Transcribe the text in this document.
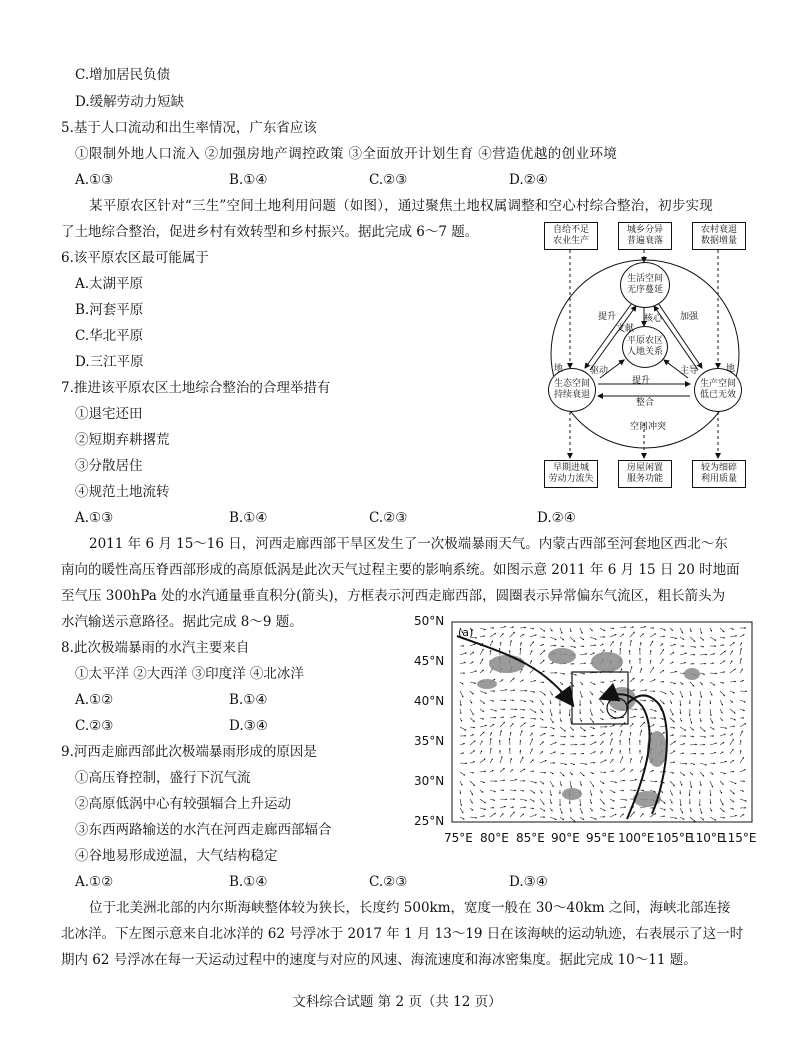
C.增加居民负债
D.缓解劳动力短缺
5.基于人口流动和出生率情况，广东省应该
①限制外地人口流入 ②加强房地产调控政策 ③全面放开计划生育 ④营造优越的创业环境
A.①③	B.①④	C.②③	D.②④
某平原农区针对“三生”空间土地利用问题（如图），通过聚焦土地权属调整和空心村综合整治，初步实现
了土地综合整治，促进乡村有效转型和乡村振兴。据此完成 6～7 题。
6.该平原农区最可能属于
A.太湖平原
B.河套平原
C.华北平原
D.三江平原
7.推进该平原农区土地综合整治的合理举措有
①退宅还田
②短期弃耕撂荒
③分散居住
④规范土地流转
A.①③	B.①④	C.②③	D.②④
2011 年 6 月 15～16 日，河西走廊西部干旱区发生了一次极端暴雨天气。内蒙古西部至河套地区西北～东
南向的暖性高压脊西部形成的高原低涡是此次天气过程主要的影响系统。如图示意 2011 年 6 月 15 日 20 时地面
至气压 300hPa 处的水汽通量垂直积分(箭头)，方框表示河西走廊西部，圆圈表示异常偏东气流区，粗长箭头为
水汽输送示意路径。据此完成 8～9 题。
8.此次极端暴雨的水汽主要来自
①太平洋 ②大西洋 ③印度洋 ④北冰洋
A.①②	B.①④
C.②③	D.③④
9.河西走廊西部此次极端暴雨形成的原因是
①高压脊控制，盛行下沉气流
②高原低涡中心有较强辐合上升运动
③东西两路输送的水汽在河西走廊西部辐合
④谷地易形成逆温，大气结构稳定
A.①②	B.①④	C.②③	D.③④
位于北美洲北部的内尔斯海峡整体较为狭长，长度约 500km，宽度一般在 30～40km 之间，海峡北部连接
北冰洋。下左图示意来自北冰洋的 62 号浮冰于 2017 年 1 月 13～19 日在该海峡的运动轨迹，右表展示了这一时
期内 62 号浮冰在每一天运动过程中的速度与对应的风速、海流速度和海冰密集度。据此完成 10～11 题。
文科综合试题 第 2 页（共 12 页）
自给不足
农业生产
城乡分异
普遍衰落
农村衰退
数据增量
生活空间
无序蔓延
平原农区
人地关系
生态空间
持续衰退
生产空间
低已无效
地	地
提升
文献
核心 加强
驱动
提升
整合
主导
空间冲突
早期进城
劳动力流失
房屋闲置
服务功能
较为细碎
利用质量
(a)
50°N
45°N
40°N
35°N
30°N
25°N
75°E 80°E 85°E 90°E 95°E 100°E 105°E
110°E
115°E
